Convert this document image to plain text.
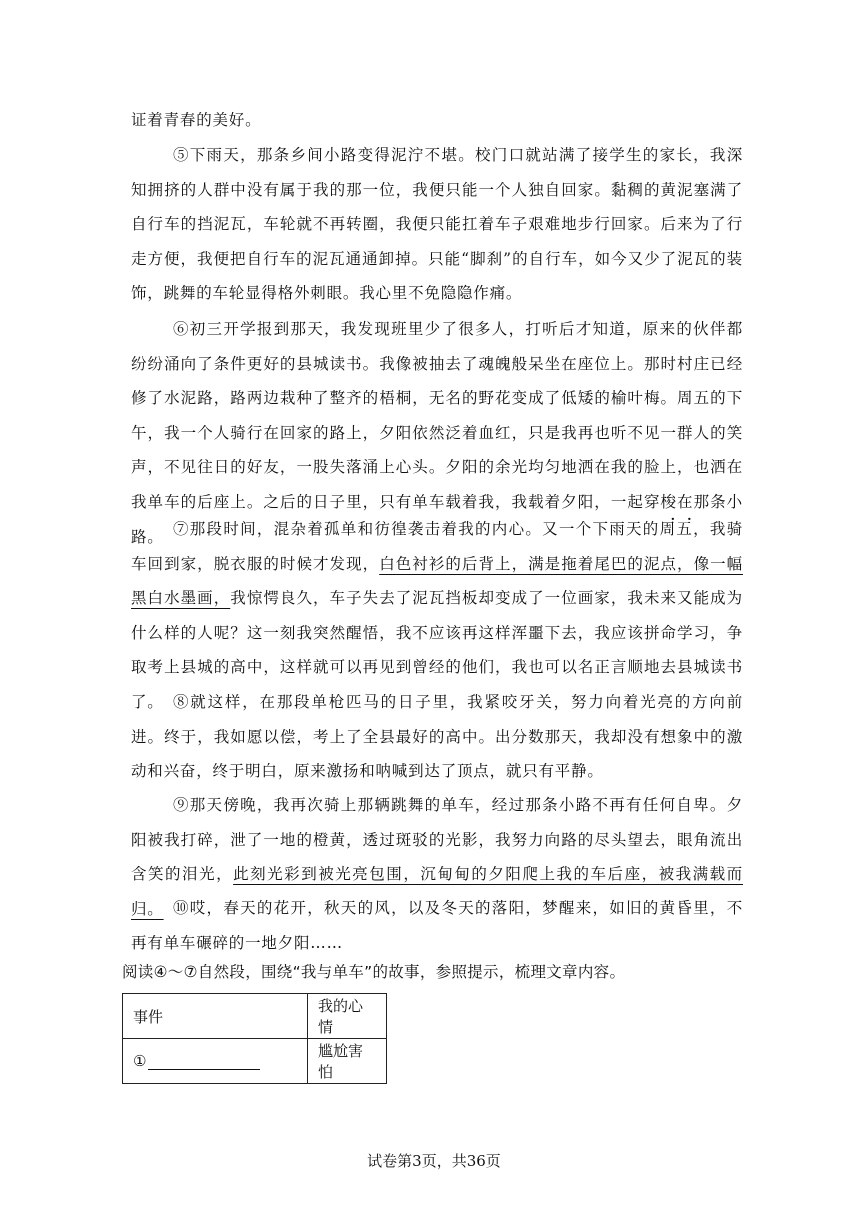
证着青春的美好。

⑤下雨天，那条乡间小路变得泥泞不堪。校门口就站满了接学生的家长，我深知拥挤的人群中没有属于我的那一位，我便只能一个人独自回家。黏稠的黄泥塞满了自行车的挡泥瓦，车轮就不再转圈，我便只能扛着车子艰难地步行回家。后来为了行走方便，我便把自行车的泥瓦通通卸掉。只能“脚刹”的自行车，如今又少了泥瓦的装饰，跳舞的车轮显得格外刺眼。我心里不免隐隐作痛。

⑥初三开学报到那天，我发现班里少了很多人，打听后才知道，原来的伙伴都纷纷涌向了条件更好的县城读书。我像被抽去了魂魄般呆坐在座位上。那时村庄已经修了水泥路，路两边栽种了整齐的梧桐，无名的野花变成了低矮的榆叶梅。周五的下午，我一个人骑行在回家的路上，夕阳依然泛着血红，只是我再也听不见一群人的笑声，不见往日的好友，一股失落涌上心头。夕阳的余光均匀地洒在我的脸上，也洒在我单车的后座上。之后的日子里，只有单车载着我，我载着夕阳，一起穿梭在那条小路。 ⑦那段时间，混杂着孤单和彷徨袭击着我的内心。又一个下雨天的周五，我骑车回到家，脱衣服的时候才发现，白色衬衫的后背上，满是拖着尾巴的泥点，像一幅黑白水墨画，我惊愕良久，车子失去了泥瓦挡板却变成了一位画家，我未来又能成为什么样的人呢？这一刻我突然醒悟，我不应该再这样浑噩下去，我应该拼命学习，争取考上县城的高中，这样就可以再见到曾经的他们，我也可以名正言顺地去县城读书了。 ⑧就这样，在那段单枪匹马的日子里，我紧咬牙关，努力向着光亮的方向前进。终于，我如愿以偿，考上了全县最好的高中。出分数那天，我却没有想象中的激动和兴奋，终于明白，原来激扬和呐喊到达了顶点，就只有平静。

⑨那天傍晚，我再次骑上那辆跳舞的单车，经过那条小路不再有任何自卑。夕阳被我打碎，泄了一地的橙黄，透过斑驳的光影，我努力向路的尽头望去，眼角流出含笑的泪光，此刻光彩到被光亮包围，沉甸甸的夕阳爬上我的车后座，被我满载而归。 ⑩哎，春天的花开，秋天的风，以及冬天的落阳，梦醒来，如旧的黄昏里，不再有单车碾碎的一地夕阳……

阅读④～⑦自然段，围绕“我与单车”的故事，参照提示，梳理文章内容。

事件	我的心情
①	尴尬害怕
试卷第3页，共36页
